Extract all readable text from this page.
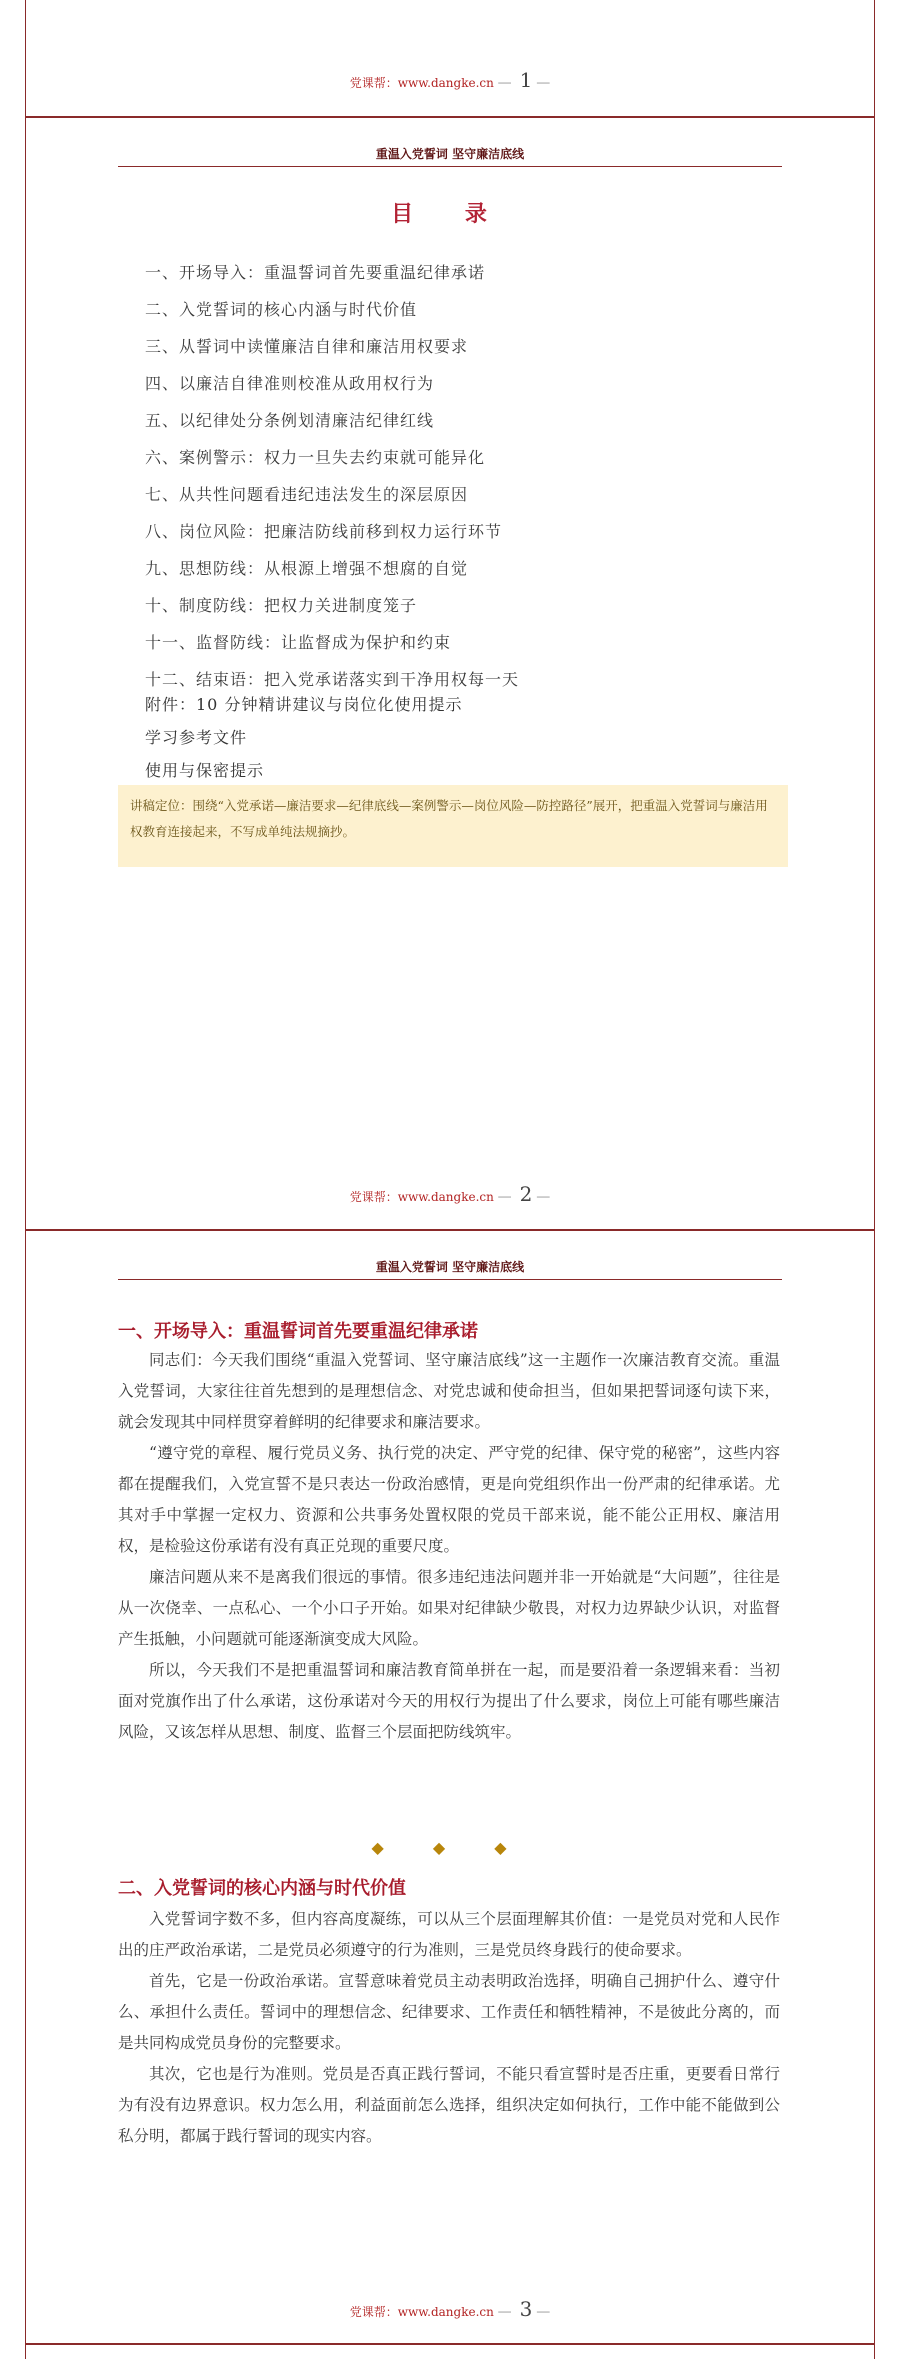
党课帮：www.dangke.cn — 1 —
重温入党誓词 坚守廉洁底线
目 录
一、开场导入：重温誓词首先要重温纪律承诺
二、入党誓词的核心内涵与时代价值
三、从誓词中读懂廉洁自律和廉洁用权要求
四、以廉洁自律准则校准从政用权行为
五、以纪律处分条例划清廉洁纪律红线
六、案例警示：权力一旦失去约束就可能异化
七、从共性问题看违纪违法发生的深层原因
八、岗位风险：把廉洁防线前移到权力运行环节
九、思想防线：从根源上增强不想腐的自觉
十、制度防线：把权力关进制度笼子
十一、监督防线：让监督成为保护和约束
十二、结束语：把入党承诺落实到干净用权每一天
附件：10 分钟精讲建议与岗位化使用提示
学习参考文件
使用与保密提示
讲稿定位：围绕“入党承诺—廉洁要求—纪律底线—案例警示—岗位风险—防控路径”展开，把重温入党誓词与廉洁用权教育连接起来，不写成单纯法规摘抄。
党课帮：www.dangke.cn — 2 —
重温入党誓词 坚守廉洁底线
一、开场导入：重温誓词首先要重温纪律承诺

同志们：今天我们围绕“重温入党誓词、坚守廉洁底线”这一主题作一次廉洁教育交流。重温入党誓词，大家往往首先想到的是理想信念、对党忠诚和使命担当，但如果把誓词逐句读下来，就会发现其中同样贯穿着鲜明的纪律要求和廉洁要求。

“遵守党的章程、履行党员义务、执行党的决定、严守党的纪律、保守党的秘密”，这些内容都在提醒我们，入党宣誓不是只表达一份政治感情，更是向党组织作出一份严肃的纪律承诺。尤其对手中掌握一定权力、资源和公共事务处置权限的党员干部来说，能不能公正用权、廉洁用权，是检验这份承诺有没有真正兑现的重要尺度。

廉洁问题从来不是离我们很远的事情。很多违纪违法问题并非一开始就是“大问题”，往往是从一次侥幸、一点私心、一个小口子开始。如果对纪律缺少敬畏，对权力边界缺少认识，对监督产生抵触，小问题就可能逐渐演变成大风险。

所以，今天我们不是把重温誓词和廉洁教育简单拼在一起，而是要沿着一条逻辑来看：当初面对党旗作出了什么承诺，这份承诺对今天的用权行为提出了什么要求，岗位上可能有哪些廉洁风险，又该怎样从思想、制度、监督三个层面把防线筑牢。

◆ ◆ ◆
二、入党誓词的核心内涵与时代价值

入党誓词字数不多，但内容高度凝练，可以从三个层面理解其价值：一是党员对党和人民作出的庄严政治承诺，二是党员必须遵守的行为准则，三是党员终身践行的使命要求。

首先，它是一份政治承诺。宣誓意味着党员主动表明政治选择，明确自己拥护什么、遵守什么、承担什么责任。誓词中的理想信念、纪律要求、工作责任和牺牲精神，不是彼此分离的，而是共同构成党员身份的完整要求。

其次，它也是行为准则。党员是否真正践行誓词，不能只看宣誓时是否庄重，更要看日常行为有没有边界意识。权力怎么用，利益面前怎么选择，组织决定如何执行，工作中能不能做到公私分明，都属于践行誓词的现实内容。

党课帮：www.dangke.cn — 3 —
